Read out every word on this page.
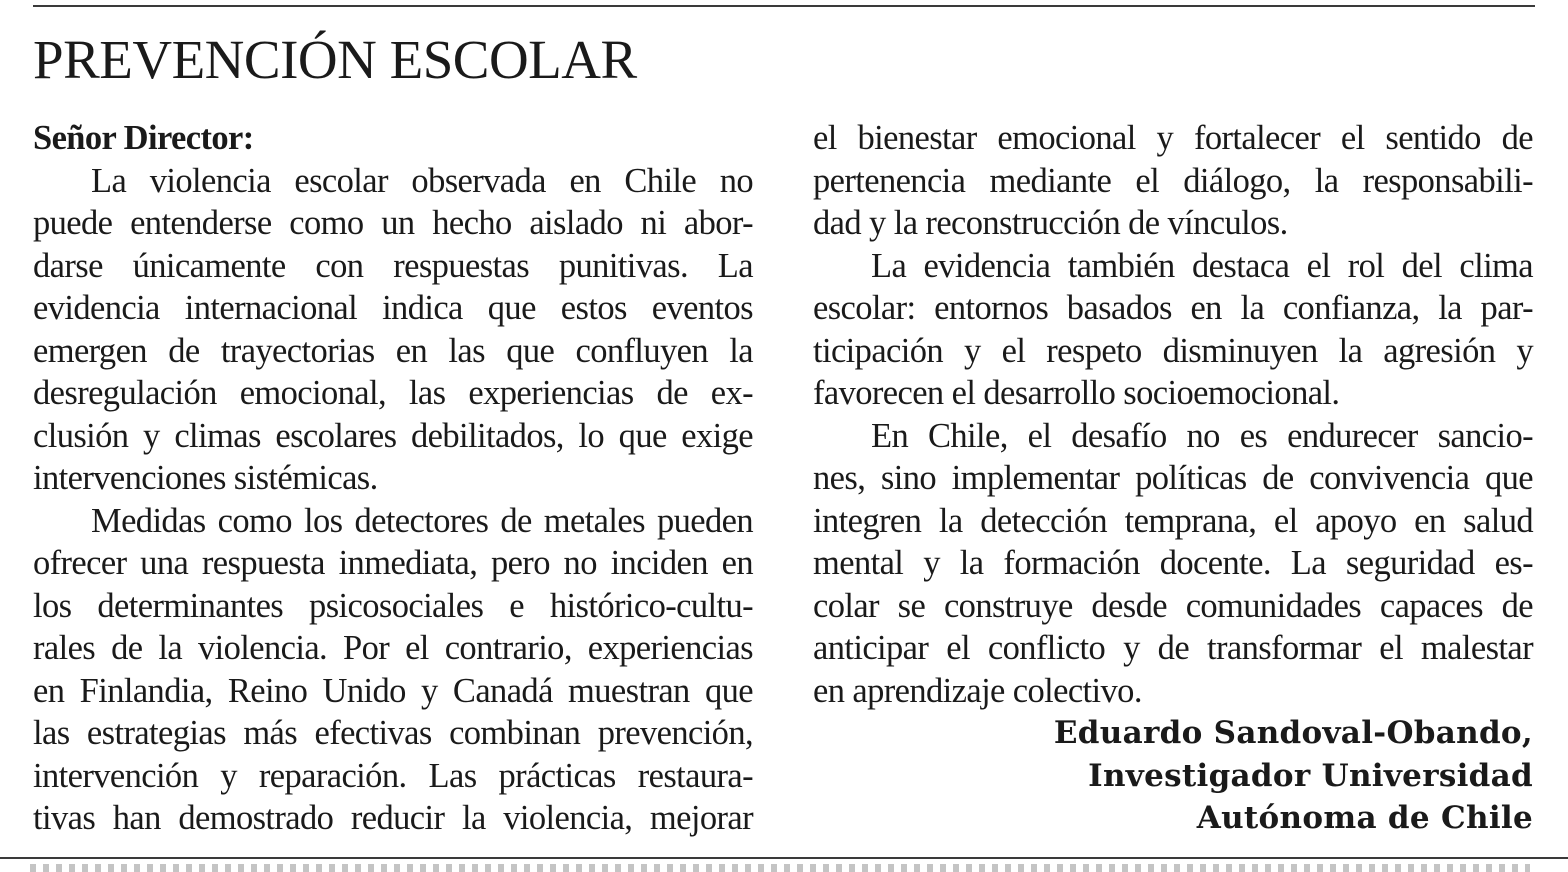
PREVENCIÓN ESCOLAR
Señor Director:
La violencia escolar observada en Chile no
puede entenderse como un hecho aislado ni abor-
darse únicamente con respuestas punitivas. La
evidencia internacional indica que estos eventos
emergen de trayectorias en las que confluyen la
desregulación emocional, las experiencias de ex-
clusión y climas escolares debilitados, lo que exige
intervenciones sistémicas.
Medidas como los detectores de metales pueden
ofrecer una respuesta inmediata, pero no inciden en
los determinantes psicosociales e histórico-cultu-
rales de la violencia. Por el contrario, experiencias
en Finlandia, Reino Unido y Canadá muestran que
las estrategias más efectivas combinan prevención,
intervención y reparación. Las prácticas restaura-
tivas han demostrado reducir la violencia, mejorar
el bienestar emocional y fortalecer el sentido de
pertenencia mediante el diálogo, la responsabili-
dad y la reconstrucción de vínculos.
La evidencia también destaca el rol del clima
escolar: entornos basados en la confianza, la par-
ticipación y el respeto disminuyen la agresión y
favorecen el desarrollo socioemocional.
En Chile, el desafío no es endurecer sancio-
nes, sino implementar políticas de convivencia que
integren la detección temprana, el apoyo en salud
mental y la formación docente. La seguridad es-
colar se construye desde comunidades capaces de
anticipar el conflicto y de transformar el malestar
en aprendizaje colectivo.
Eduardo Sandoval-Obando,
Investigador Universidad
Autónoma de Chile
